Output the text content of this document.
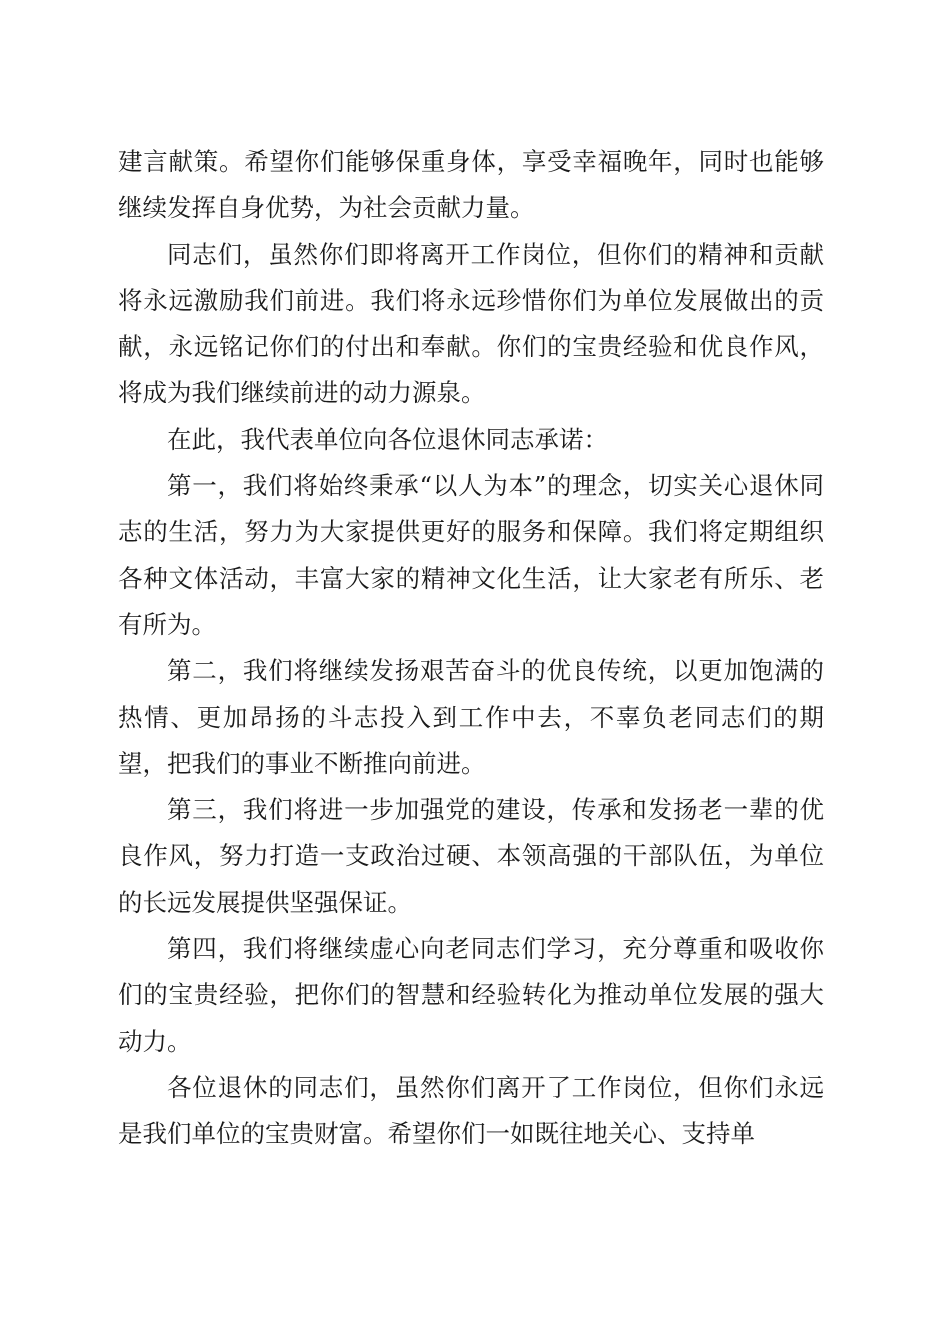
建言献策。希望你们能够保重身体，享受幸福晚年，同时也能够继续发挥自身优势，为社会贡献力量。

同志们，虽然你们即将离开工作岗位，但你们的精神和贡献将永远激励我们前进。我们将永远珍惜你们为单位发展做出的贡献，永远铭记你们的付出和奉献。你们的宝贵经验和优良作风，将成为我们继续前进的动力源泉。

在此，我代表单位向各位退休同志承诺：

第一，我们将始终秉承“以人为本”的理念，切实关心退休同志的生活，努力为大家提供更好的服务和保障。我们将定期组织各种文体活动，丰富大家的精神文化生活，让大家老有所乐、老有所为。

第二，我们将继续发扬艰苦奋斗的优良传统，以更加饱满的热情、更加昂扬的斗志投入到工作中去，不辜负老同志们的期望，把我们的事业不断推向前进。

第三，我们将进一步加强党的建设，传承和发扬老一辈的优良作风，努力打造一支政治过硬、本领高强的干部队伍，为单位的长远发展提供坚强保证。

第四，我们将继续虚心向老同志们学习，充分尊重和吸收你们的宝贵经验，把你们的智慧和经验转化为推动单位发展的强大动力。

各位退休的同志们，虽然你们离开了工作岗位，但你们永远是我们单位的宝贵财富。希望你们一如既往地关心、支持单
